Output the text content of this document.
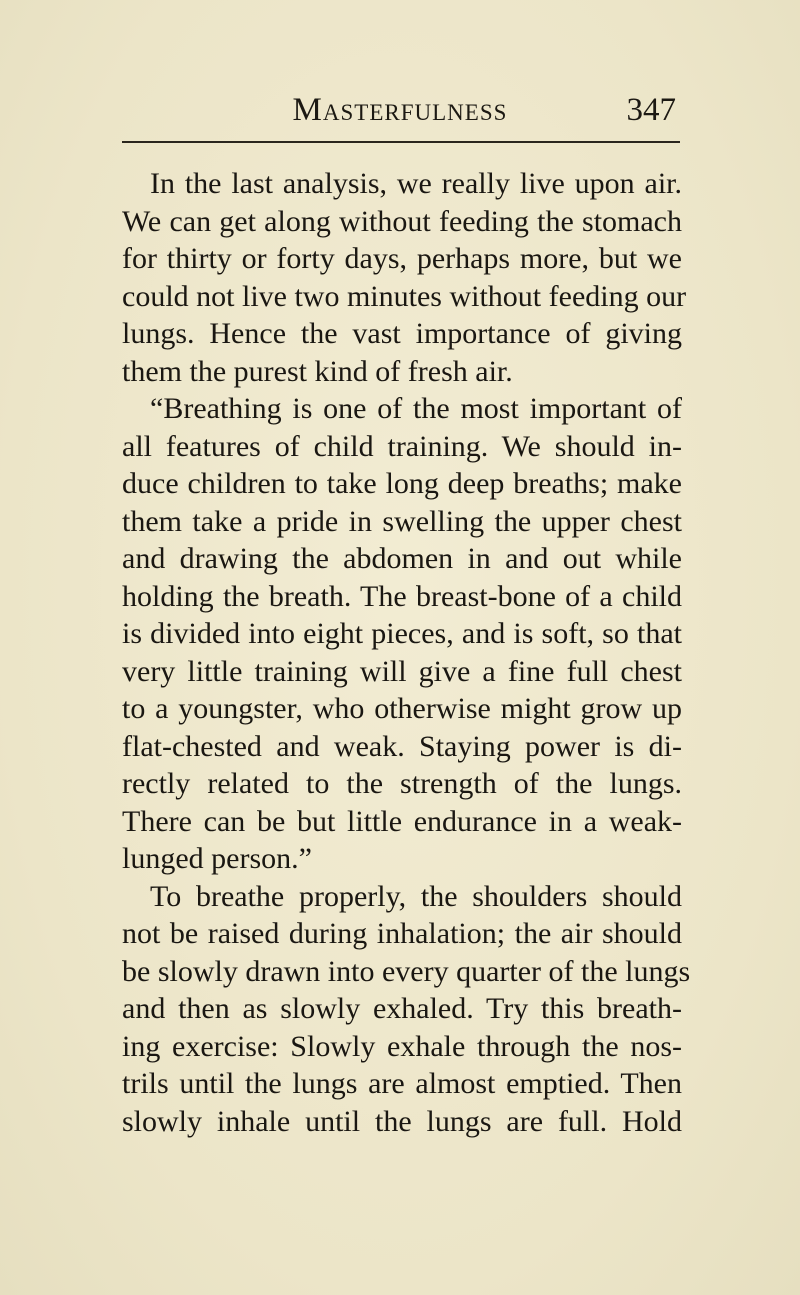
Masterfulness	347
In the last analysis, we really live upon air.
We can get along without feeding the stomach
for thirty or forty days, perhaps more, but we
could not live two minutes without feeding our
lungs. Hence the vast importance of giving
them the purest kind of fresh air.
“Breathing is one of the most important of
all features of child training. We should in-
duce children to take long deep breaths; make
them take a pride in swelling the upper chest
and drawing the abdomen in and out while
holding the breath. The breast-bone of a child
is divided into eight pieces, and is soft, so that
very little training will give a fine full chest
to a youngster, who otherwise might grow up
flat-chested and weak. Staying power is di-
rectly related to the strength of the lungs.
There can be but little endurance in a weak-
lunged person.”
To breathe properly, the shoulders should
not be raised during inhalation; the air should
be slowly drawn into every quarter of the lungs
and then as slowly exhaled. Try this breath-
ing exercise: Slowly exhale through the nos-
trils until the lungs are almost emptied. Then
slowly inhale until the lungs are full. Hold
